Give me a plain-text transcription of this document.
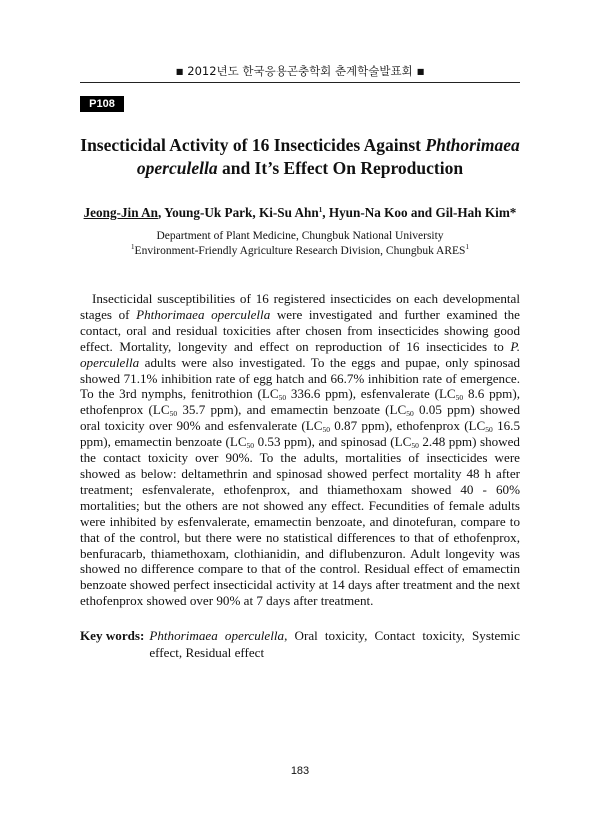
■ 2012년도 한국응용곤충학회 춘계학술발표회 ■
P108
Insecticidal Activity of 16 Insecticides Against Phthorimaea operculella and It’s Effect On Reproduction
Jeong-Jin An, Young-Uk Park, Ki-Su Ahn$^1$, Hyun-Na Koo and Gil-Hah Kim*
Department of Plant Medicine, Chungbuk National University
$^1$Environment-Friendly Agriculture Research Division, Chungbuk ARES$^1$

Insecticidal susceptibilities of 16 registered insecticides on each developmental stages of Phthorimaea operculella were investigated and further examined the contact, oral and residual toxicities after chosen from insecticides showing good effect. Mortality, longevity and effect on reproduction of 16 insecticides to P. operculella adults were also investigated. To the eggs and pupae, only spinosad showed 71.1% inhibition rate of egg hatch and 66.7% inhibition rate of emergence. To the 3rd nymphs, fenitrothion ($LC_{50}$ 336.6 ppm), esfenvalerate ($LC_{50}$ 8.6 ppm), ethofenprox ($LC_{50}$ 35.7 ppm), and emamectin benzoate ($LC_{50}$ 0.05 ppm) showed oral toxicity over 90% and esfenvalerate ($LC_{50}$ 0.87 ppm), ethofenprox ($LC_{50}$ 16.5 ppm), emamectin benzoate ($LC_{50}$ 0.53 ppm), and spinosad ($LC_{50}$ 2.48 ppm) showed the contact toxicity over 90%. To the adults, mortalities of insecticides were showed as below: deltamethrin and spinosad showed perfect mortality 48 h after treatment; esfenvalerate, ethofenprox, and thiamethoxam showed 40 - 60% mortalities; but the others are not showed any effect. Fecundities of female adults were inhibited by esfenvalerate, emamectin benzoate, and dinotefuran, compare to that of the control, but there were no statistical differences to that of ethofenprox, benfuracarb, thiamethoxam, clothianidin, and diflubenzuron. Adult longevity was showed no difference compare to that of the control. Residual effect of emamectin benzoate showed perfect insecticidal activity at 14 days after treatment and the next ethofenprox showed over 90% at 7 days after treatment.

Key words: Phthorimaea operculella, Oral toxicity, Contact toxicity, Systemic effect, Residual effect
183
